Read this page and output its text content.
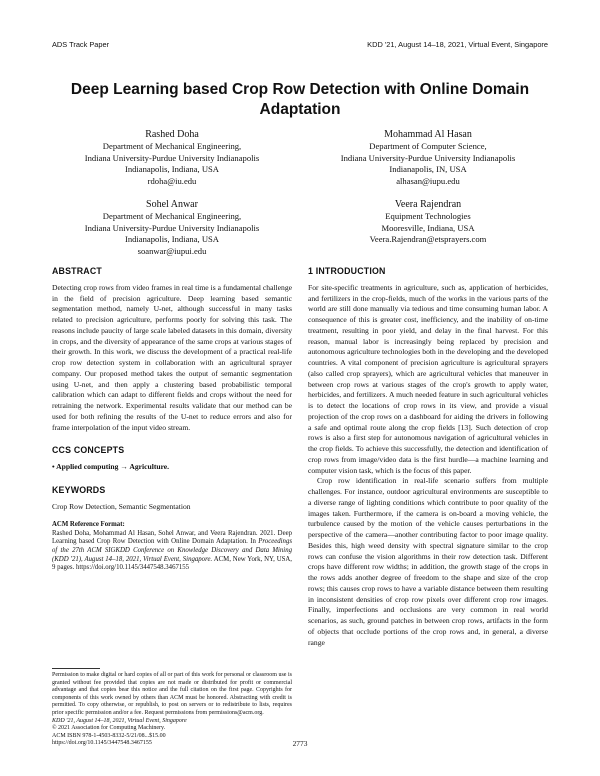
ADS Track Paper	KDD '21, August 14–18, 2021, Virtual Event, Singapore
Deep Learning based Crop Row Detection with Online Domain Adaptation
Rashed Doha
Department of Mechanical Engineering,
Indiana University-Purdue University Indianapolis
Indianapolis, Indiana, USA
rdoha@iu.edu
Mohammad Al Hasan
Department of Computer Science,
Indiana University-Purdue University Indianapolis
Indianapolis, IN, USA
alhasan@iupu.edu
Sohel Anwar
Department of Mechanical Engineering,
Indiana University-Purdue University Indianapolis
Indianapolis, Indiana, USA
soanwar@iupui.edu
Veera Rajendran
Equipment Technologies
Mooresville, Indiana, USA
Veera.Rajendran@etsprayers.com
ABSTRACT

Detecting crop rows from video frames in real time is a fundamental challenge in the field of precision agriculture. Deep learning based semantic segmentation method, namely U-net, although successful in many tasks related to precision agriculture, performs poorly for solving this task. The reasons include paucity of large scale labeled datasets in this domain, diversity in crops, and the diversity of appearance of the same crops at various stages of their growth. In this work, we discuss the development of a practical real-life crop row detection system in collaboration with an agricultural sprayer company. Our proposed method takes the output of semantic segmentation using U-net, and then apply a clustering based probabilistic temporal calibration which can adapt to different fields and crops without the need for retraining the network. Experimental results validate that our method can be used for both refining the results of the U-net to reduce errors and also for frame interpolation of the input video stream.

CCS CONCEPTS

• Applied computing → Agriculture.

KEYWORDS

Crop Row Detection, Semantic Segmentation

ACM Reference Format:
Rashed Doha, Mohammad Al Hasan, Sohel Anwar, and Veera Rajendran. 2021. Deep Learning based Crop Row Detection with Online Domain Adaptation. In Proceedings of the 27th ACM SIGKDD Conference on Knowledge Discovery and Data Mining (KDD '21), August 14–18, 2021, Virtual Event, Singapore. ACM, New York, NY, USA, 9 pages. https://doi.org/10.1145/3447548.3467155
Permission to make digital or hard copies of all or part of this work for personal or classroom use is granted without fee provided that copies are not made or distributed for profit or commercial advantage and that copies bear this notice and the full citation on the first page. Copyrights for components of this work owned by others than ACM must be honored. Abstracting with credit is permitted. To copy otherwise, or republish, to post on servers or to redistribute to lists, requires prior specific permission and/or a fee. Request permissions from permissions@acm.org.
KDD '21, August 14–18, 2021, Virtual Event, Singapore
© 2021 Association for Computing Machinery.
ACM ISBN 978-1-4503-8332-5/21/08...$15.00
https://doi.org/10.1145/3447548.3467155
1 INTRODUCTION

For site-specific treatments in agriculture, such as, application of herbicides, and fertilizers in the crop-fields, much of the works in the various parts of the world are still done manually via tedious and time consuming human labor. A consequence of this is greater cost, inefficiency, and the inability of on-time treatment, resulting in poor yield, and delay in the final harvest. For this reason, manual labor is increasingly being replaced by precision and autonomous agriculture technologies both in the developing and the developed countries. A vital component of precision agriculture is agricultural sprayers (also called crop sprayers), which are agricultural vehicles that maneuver in between crop rows at various stages of the crop's growth to apply water, herbicides, and fertilizers. A much needed feature in such agricultural vehicles is to detect the locations of crop rows in its view, and provide a visual projection of the crop rows on a dashboard for aiding the drivers in following a safe and optimal route along the crop fields [13]. Such detection of crop rows is also a first step for autonomous navigation of agricultural vehicles in the crop fields. To achieve this successfully, the detection and identification of crop rows from image/video data is the first hurdle—a machine learning and computer vision task, which is the focus of this paper.

Crop row identification in real-life scenario suffers from multiple challenges. For instance, outdoor agricultural environments are susceptible to a diverse range of lighting conditions which contribute to poor quality of the images taken. Furthermore, if the camera is on-board a moving vehicle, the turbulence caused by the motion of the vehicle causes perturbations in the perspective of the camera—another contributing factor to poor image quality. Besides this, high weed density with spectral signature similar to the crop rows can confuse the vision algorithms in their row detection task. Different crops have different row widths; in addition, the growth stage of the crops in the rows adds another degree of freedom to the shape and size of the crop rows; this causes crop rows to have a variable distance between them resulting in inconsistent densities of crop row pixels over different crop row images. Finally, imperfections and occlusions are very common in real world scenarios, as such, ground patches in between crop rows, artifacts in the form of objects that occlude portions of the crop rows and, in general, a diverse range

2773
